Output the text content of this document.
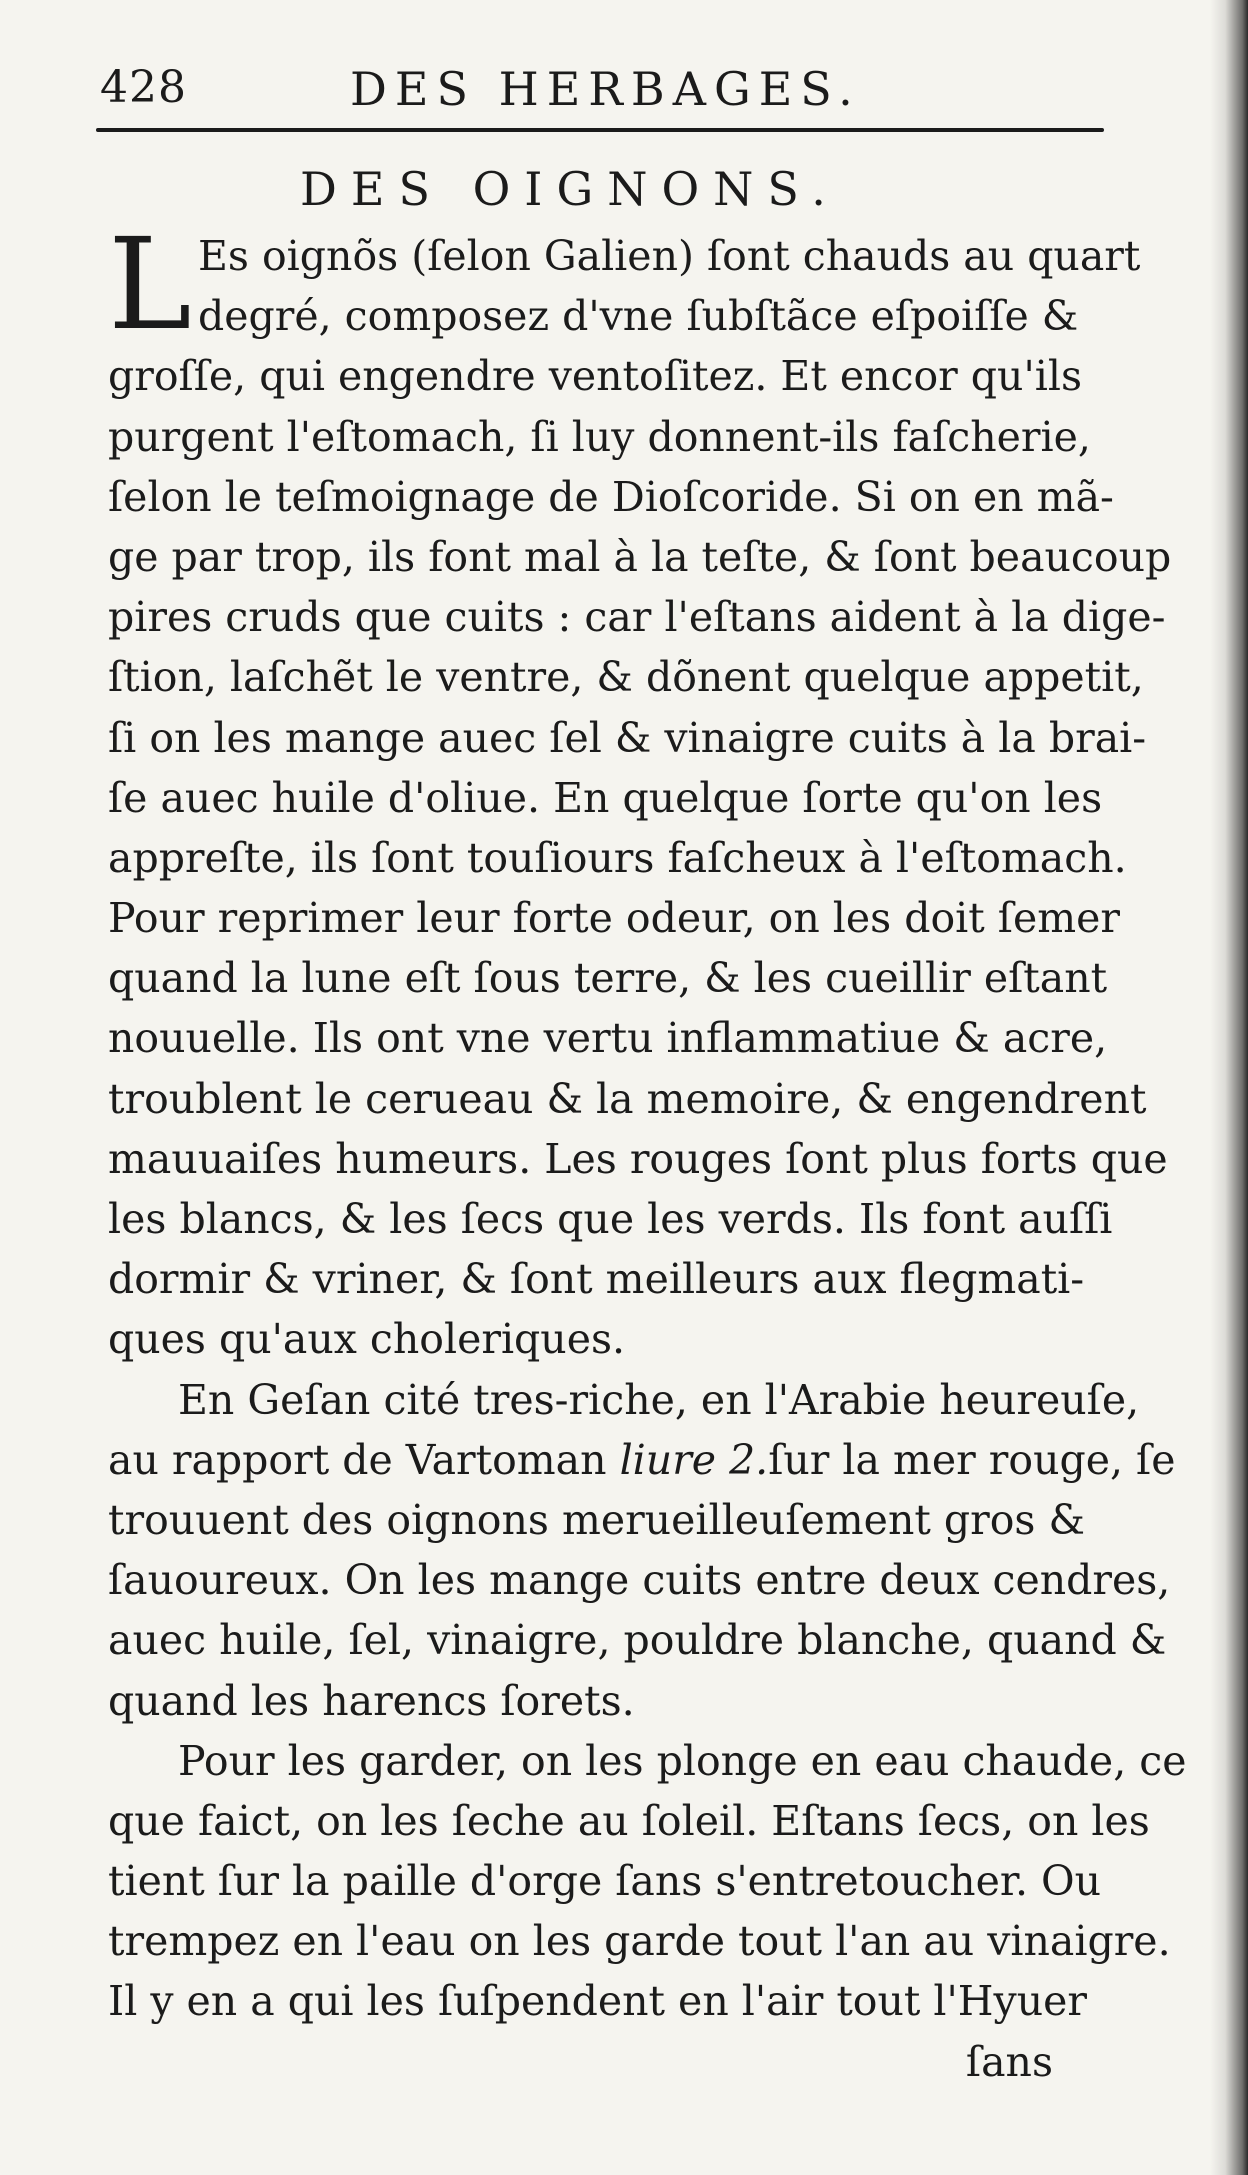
428	DES HERBAGES.
DES OIGNONS.
L Es oignõs (ſelon Galien) ſont chauds au quart
degré, composez d'vne ſubſtãce eſpoiſſe &
groſſe, qui engendre ventoſitez. Et encor qu'ils
purgent l'eſtomach, ſi luy donnent-ils faſcherie,
ſelon le teſmoignage de Dioſcoride. Si on en mã-
ge par trop, ils font mal à la teſte, & ſont beaucoup
pires cruds que cuits : car l'eſtans aident à la dige-
ſtion, laſchẽt le ventre, & dõnent quelque appetit,
ſi on les mange auec ſel & vinaigre cuits à la brai-
ſe auec huile d'oliue. En quelque ſorte qu'on les
appreſte, ils ſont touſiours faſcheux à l'eſtomach.
Pour reprimer leur forte odeur, on les doit ſemer
quand la lune eſt ſous terre, & les cueillir eſtant
nouuelle. Ils ont vne vertu inflammatiue & acre,
troublent le cerueau & la memoire, & engendrent
mauuaiſes humeurs. Les rouges ſont plus forts que
les blancs, & les ſecs que les verds. Ils font auſſi
dormir & vriner, & ſont meilleurs aux flegmati-
ques qu'aux choleriques.
En Geſan cité tres-riche, en l'Arabie heureuſe,
au rapport de Vartoman liure 2.ſur la mer rouge, ſe
trouuent des oignons merueilleuſement gros &
ſauoureux. On les mange cuits entre deux cendres,
auec huile, ſel, vinaigre, pouldre blanche, quand &
quand les harencs ſorets.
Pour les garder, on les plonge en eau chaude, ce
que faict, on les ſeche au ſoleil. Eſtans ſecs, on les
tient ſur la paille d'orge ſans s'entretoucher. Ou
trempez en l'eau on les garde tout l'an au vinaigre.
Il y en a qui les ſuſpendent en l'air tout l'Hyuer
ſans
